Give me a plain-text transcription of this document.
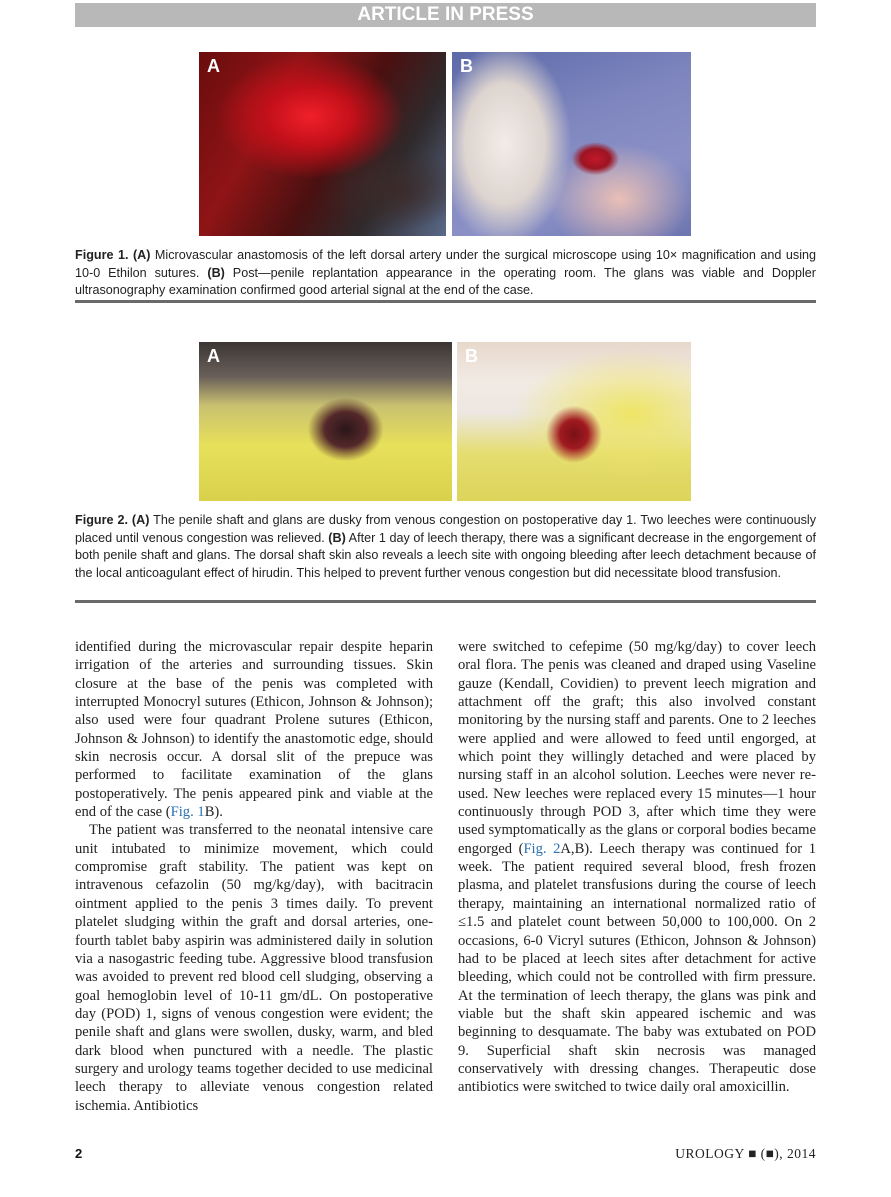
ARTICLE IN PRESS
A	B
Figure 1. (A) Microvascular anastomosis of the left dorsal artery under the surgical microscope using 10× magnification and using 10-0 Ethilon sutures. (B) Post—penile replantation appearance in the operating room. The glans was viable and Doppler ultrasonography examination confirmed good arterial signal at the end of the case.
A	B
Figure 2. (A) The penile shaft and glans are dusky from venous congestion on postoperative day 1. Two leeches were continuously placed until venous congestion was relieved. (B) After 1 day of leech therapy, there was a significant decrease in the engorgement of both penile shaft and glans. The dorsal shaft skin also reveals a leech site with ongoing bleeding after leech detachment because of the local anticoagulant effect of hirudin. This helped to prevent further venous congestion but did necessitate blood transfusion.

identified during the microvascular repair despite heparin irrigation of the arteries and surrounding tissues. Skin closure at the base of the penis was completed with interrupted Monocryl sutures (Ethicon, Johnson & Johnson); also used were four quadrant Prolene sutures (Ethicon, Johnson & Johnson) to identify the anastomotic edge, should skin necrosis occur. A dorsal slit of the prepuce was performed to facilitate examination of the glans postoperatively. The penis appeared pink and viable at the end of the case (Fig. 1B).

The patient was transferred to the neonatal intensive care unit intubated to minimize movement, which could compromise graft stability. The patient was kept on intravenous cefazolin (50 mg/kg/day), with bacitracin ointment applied to the penis 3 times daily. To prevent platelet sludging within the graft and dorsal arteries, one-fourth tablet baby aspirin was administered daily in solution via a nasogastric feeding tube. Aggressive blood transfusion was avoided to prevent red blood cell sludging, observing a goal hemoglobin level of 10-11 gm/dL. On postoperative day (POD) 1, signs of venous congestion were evident; the penile shaft and glans were swollen, dusky, warm, and bled dark blood when punctured with a needle. The plastic surgery and urology teams together decided to use medicinal leech therapy to alleviate venous congestion related ischemia. Antibiotics

were switched to cefepime (50 mg/kg/day) to cover leech oral flora. The penis was cleaned and draped using Vaseline gauze (Kendall, Covidien) to prevent leech migration and attachment off the graft; this also involved constant monitoring by the nursing staff and parents. One to 2 leeches were applied and were allowed to feed until engorged, at which point they willingly detached and were placed by nursing staff in an alcohol solution. Leeches were never re-used. New leeches were replaced every 15 minutes—1 hour continuously through POD 3, after which time they were used symptomatically as the glans or corporal bodies became engorged (Fig. 2A,B). Leech therapy was continued for 1 week. The patient required several blood, fresh frozen plasma, and platelet transfusions during the course of leech therapy, maintaining an international normalized ratio of ≤1.5 and platelet count between 50,000 to 100,000. On 2 occasions, 6-0 Vicryl sutures (Ethicon, Johnson & Johnson) had to be placed at leech sites after detachment for active bleeding, which could not be controlled with firm pressure. At the termination of leech therapy, the glans was pink and viable but the shaft skin appeared ischemic and was beginning to desquamate. The baby was extubated on POD 9. Superficial shaft skin necrosis was managed conservatively with dressing changes. Therapeutic dose antibiotics were switched to twice daily oral amoxicillin.

2	UROLOGY ■ (■), 2014
